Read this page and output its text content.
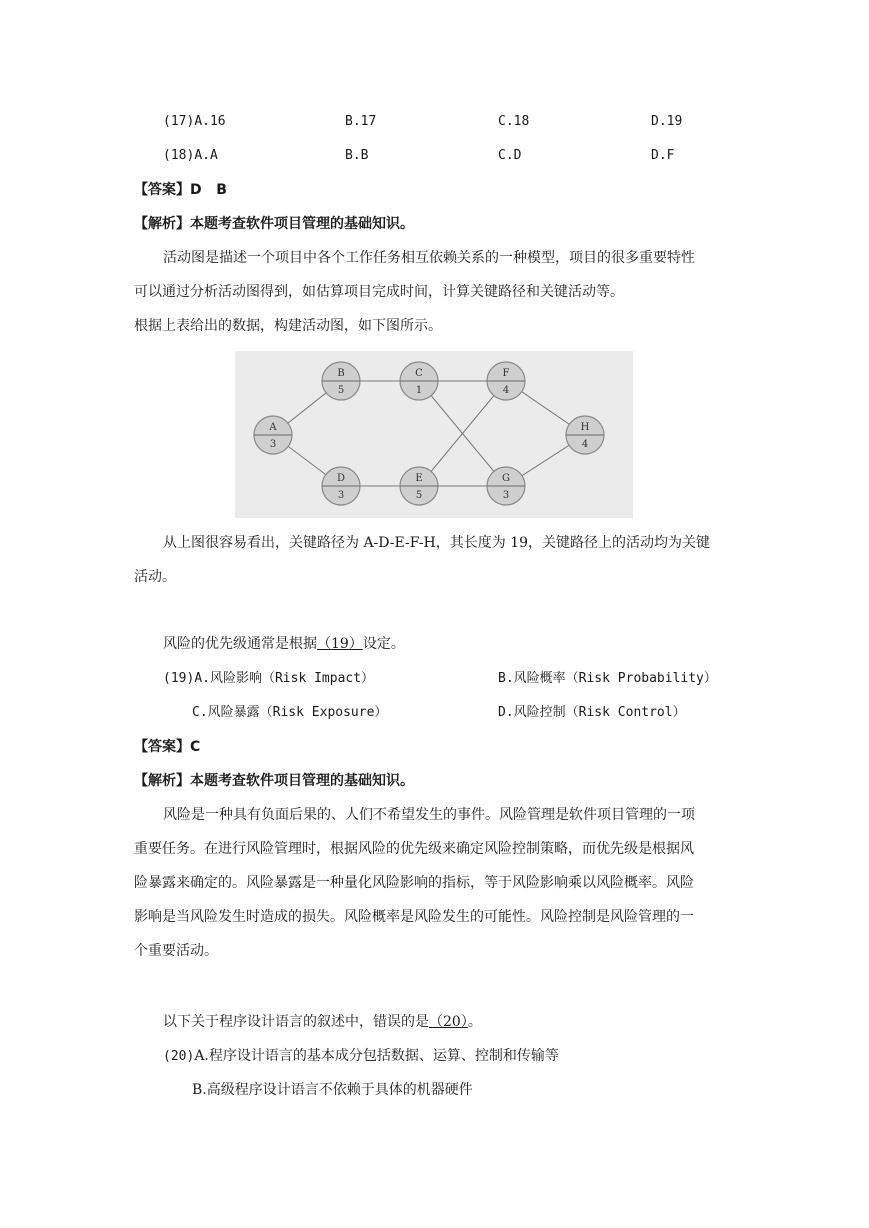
(17)A.16	B.17	C.18	D.19
(18)A.A	B.B	C.D	D.F
【答案】D   B
【解析】本题考查软件项目管理的基础知识。
活动图是描述一个项目中各个工作任务相互依赖关系的一种模型，项目的很多重要特性
可以通过分析活动图得到，如估算项目完成时间，计算关键路径和关键活动等。
根据上表给出的数据，构建活动图，如下图所示。
A
3
B
5
C
1
F
4
H
4
D
3
E
5
G
3
从上图很容易看出，关键路径为 A-D-E-F-H，其长度为 19，关键路径上的活动均为关键
活动。
风险的优先级通常是根据（19）设定。
(19)A.风险影响（Risk Impact）	B.风险概率（Risk Probability）
C.风险暴露（Risk Exposure）	D.风险控制（Risk Control）
【答案】C
【解析】本题考查软件项目管理的基础知识。
风险是一种具有负面后果的、人们不希望发生的事件。风险管理是软件项目管理的一项
重要任务。在进行风险管理时，根据风险的优先级来确定风险控制策略，而优先级是根据风
险暴露来确定的。风险暴露是一种量化风险影响的指标，等于风险影响乘以风险概率。风险
影响是当风险发生时造成的损失。风险概率是风险发生的可能性。风险控制是风险管理的一
个重要活动。
以下关于程序设计语言的叙述中，错误的是（20）。
(20)A.程序设计语言的基本成分包括数据、运算、控制和传输等
B.高级程序设计语言不依赖于具体的机器硬件
